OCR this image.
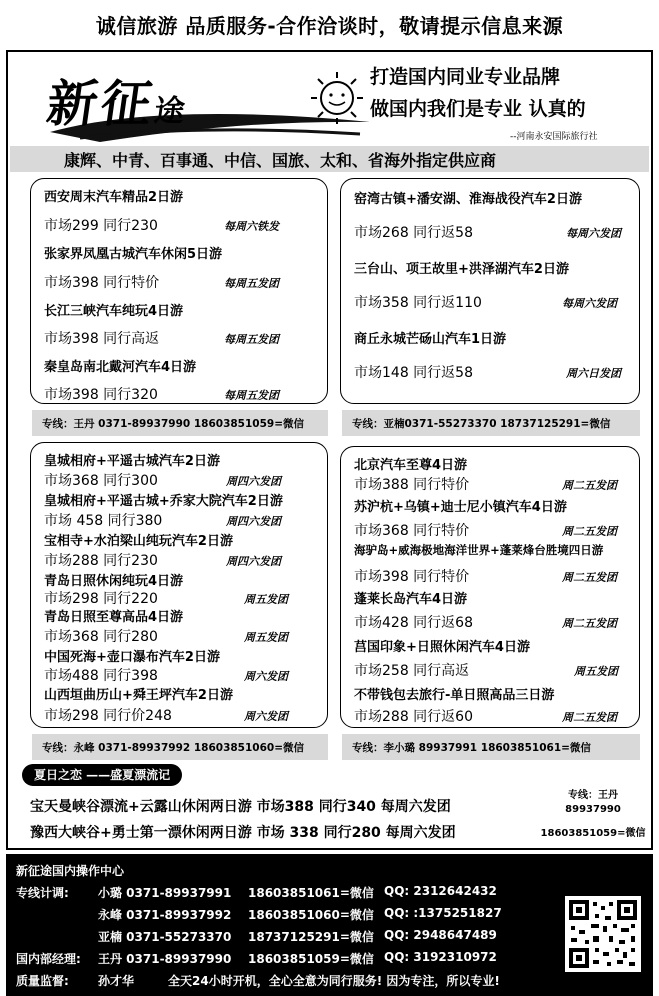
诚信旅游 品质服务-合作洽谈时，敬请提示信息来源
新征途
打造国内同业专业品牌
做国内我们是专业 认真的
--河南永安国际旅行社
康辉、中青、百事通、中信、国旅、太和、省海外指定供应商
西安周末汽车精品2日游
市场299 同行230	每周六铁发
张家界凤凰古城汽车休闲5日游
市场398 同行特价	每周五发团
长江三峡汽车纯玩4日游
市场398 同行高返	每周五发团
秦皇岛南北戴河汽车4日游
市场398 同行320	每周五发团
专线：王丹 0371-89937990 18603851059=微信
窑湾古镇+潘安湖、淮海战役汽车2日游
市场268 同行返58	每周六发团
三台山、项王故里+洪泽湖汽车2日游
市场358 同行返110	每周六发团
商丘永城芒砀山汽车1日游
市场148 同行返58	周六日发团
专线：亚楠0371-55273370 18737125291=微信
皇城相府+平遥古城汽车2日游
市场368 同行300	周四六发团
皇城相府+平遥古城+乔家大院汽车2日游
市场 458 同行380	周四六发团
宝相寺+水泊梁山纯玩汽车2日游
市场288 同行230	周四六发团
青岛日照休闲纯玩4日游
市场298 同行220	周五发团
青岛日照至尊高品4日游
市场368 同行280	周五发团
中国死海+壶口瀑布汽车2日游
市场488 同行398	周六发团
山西垣曲历山+舜王坪汽车2日游
市场298 同行价248	周六发团
专线：永峰 0371-89937992 18603851060=微信
北京汽车至尊4日游
市场388 同行特价	周二五发团
苏沪杭+乌镇+迪士尼小镇汽车4日游
市场368 同行特价	周二五发团
海驴岛+威海极地海洋世界+蓬莱烽台胜境四日游
市场398 同行特价	周二五发团
蓬莱长岛汽车4日游
市场428 同行返68	周二五发团
莒国印象+日照休闲汽车4日游
市场258 同行高返	周五发团
不带钱包去旅行-单日照高品三日游
市场288 同行返60	周二五发团
专线：李小璐 89937991 18603851061=微信
夏日之恋 ——盛夏漂流记
宝天曼峡谷漂流+云露山休闲两日游 市场388 同行340 每周六发团
豫西大峡谷+勇士第一漂休闲两日游 市场 338 同行280 每周六发团
专线：王丹
89937990
18603851059=微信
新征途国内操作中心
专线计调: 小璐 0371-89937991 18603851061=微信 QQ: 2312642432
永峰 0371-89937992 18603851060=微信 QQ: :1375251827
亚楠 0371-55273370 18737125291=微信 QQ: 2948647489
国内部经理: 王丹 0371-89937990 18603851059=微信 QQ: 3192310972
质量监督: 孙才华	全天24小时开机，全心全意为同行服务! 因为专注，所以专业!
